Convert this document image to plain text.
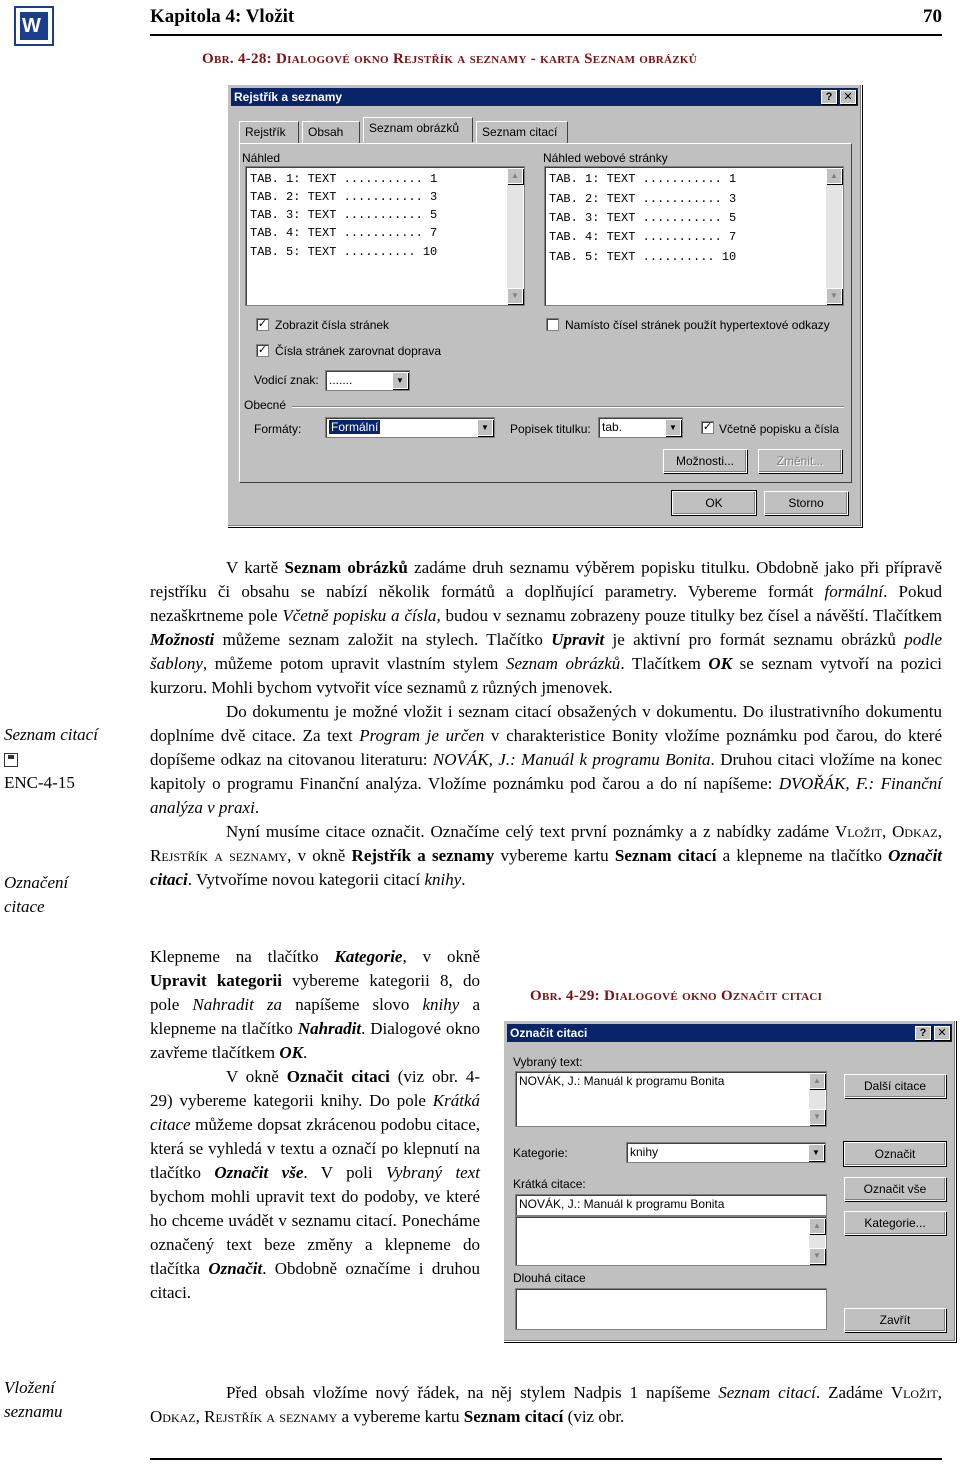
W	Kapitola 4: Vložit	70
Obr. 4-28: Dialogové okno Rejstřík a seznamy - karta Seznam obrázků
Rejstřík a seznamy	?	✕
Rejstřík	Obsah	Seznam obrázků	Seznam citací
Náhled
TAB. 1: TEXT ........... 1
TAB. 2: TEXT ........... 3
TAB. 3: TEXT ........... 5
TAB. 4: TEXT ........... 7
TAB. 5: TEXT .......... 10
▲
▼
Náhled webové stránky
TAB. 1: TEXT ........... 1
TAB. 2: TEXT ........... 3
TAB. 3: TEXT ........... 5
TAB. 4: TEXT ........... 7
TAB. 5: TEXT .......... 10
▲
▼
✓ Zobrazit čísla stránek
✓ Čísla stránek zarovnat doprava
Namísto čísel stránek použít hypertextové odkazy
Vodicí znak: .......	▼
Obecné
Formáty:	Formální	▼	Popisek titulku: tab.	▼	✓ Včetně popisku a čísla
Možnosti...	Změnit...
OK	Storno
Seznam citací
ENC-4-15
Označení citace
Vložení seznamu

V kartě Seznam obrázků zadáme druh seznamu výběrem popisku titulku. Obdobně jako při přípravě rejstříku či obsahu se nabízí několik formátů a doplňující parametry. Vybereme formát formální. Pokud nezaškrtneme pole Včetně popisku a čísla, budou v seznamu zobrazeny pouze titulky bez čísel a návěští. Tlačítkem Možnosti můžeme seznam založit na stylech. Tlačítko Upravit je aktivní pro formát seznamu obrázků podle šablony, můžeme potom upravit vlastním stylem Seznam obrázků. Tlačítkem OK se seznam vytvoří na pozici kurzoru. Mohli bychom vytvořit více seznamů z různých jmenovek.

Do dokumentu je možné vložit i seznam citací obsažených v dokumentu. Do ilustrativního dokumentu doplníme dvě citace. Za text Program je určen v charakteristice Bonity vložíme poznámku pod čarou, do které dopíšeme odkaz na citovanou literaturu: NOVÁK, J.: Manuál k programu Bonita. Druhou citaci vložíme na konec kapitoly o programu Finanční analýza. Vložíme poznámku pod čarou a do ní napíšeme: DVOŘÁK, F.: Finanční analýza v praxi.

Nyní musíme citace označit. Označíme celý text první poznámky a z nabídky zadáme Vložit, Odkaz, Rejstřík a seznamy, v okně Rejstřík a seznamy vybereme kartu Seznam citací a klepneme na tlačítko Označit citaci. Vytvoříme novou kategorii citací knihy.

Klepneme na tlačítko Kategorie, v okně Upravit kategorii vybereme kategorii 8, do pole Nahradit za napíšeme slovo knihy a klepneme na tlačítko Nahradit. Dialogové okno zavřeme tlačítkem OK.

V okně Označit citaci (viz obr. 4-29) vybereme kategorii knihy. Do pole Krátká citace můžeme dopsat zkrácenou podobu citace, která se vyhledá v textu a označí po klepnutí na tlačítko Označit vše. V poli Vybraný text bychom mohli upravit text do podoby, ve které ho chceme uvádět v seznamu citací. Ponecháme označený text beze změny a klepneme do tlačítka Označit. Obdobně označíme i druhou citaci.

Obr. 4-29: Dialogové okno Označit citaci
Označit citaci	?	✕
Vybraný text:
NOVÁK, J.: Manuál k programu Bonita	▲
▼
Kategorie:	knihy	▼
Krátká citace:
NOVÁK, J.: Manuál k programu Bonita
▲
▼
Dlouhá citace
Další citace
Označit
Označit vše
Kategorie...
Zavřít

Před obsah vložíme nový řádek, na něj stylem Nadpis 1 napíšeme Seznam citací. Zadáme Vložit, Odkaz, Rejstřík a seznamy a vybereme kartu Seznam citací (viz obr.
